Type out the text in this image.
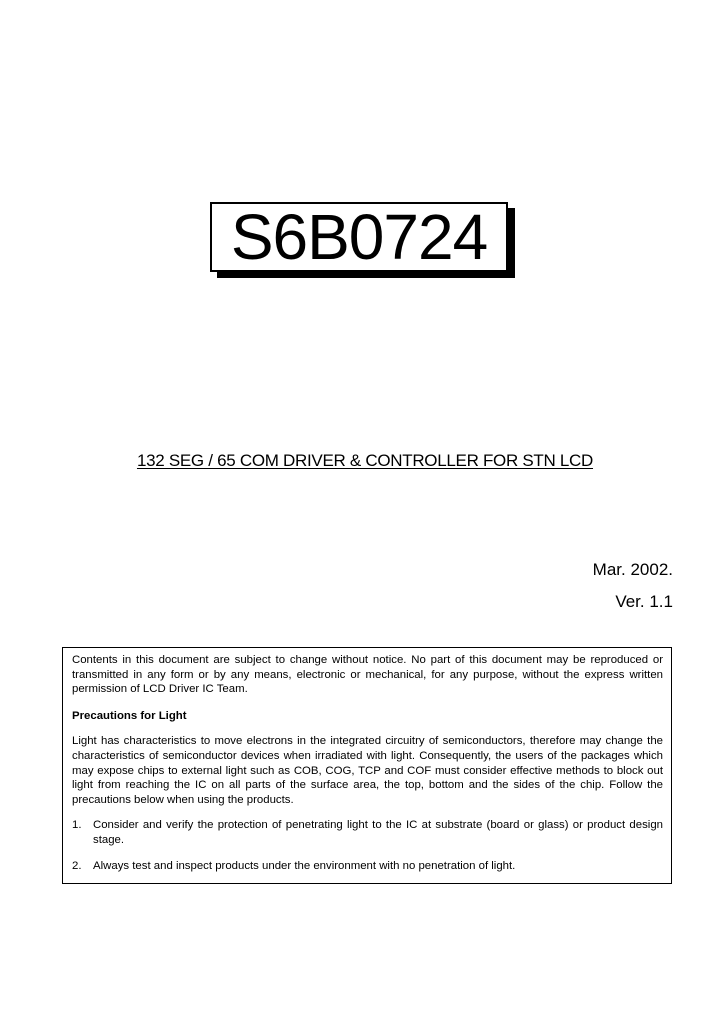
S6B0724
132 SEG / 65 COM DRIVER & CONTROLLER FOR STN LCD
Mar. 2002.
Ver. 1.1

Contents in this document are subject to change without notice. No part of this document may be reproduced or transmitted in any form or by any means, electronic or mechanical, for any purpose, without the express written permission of LCD Driver IC Team.

Precautions for Light

Light has characteristics to move electrons in the integrated circuitry of semiconductors, therefore may change the characteristics of semiconductor devices when irradiated with light. Consequently, the users of the packages which may expose chips to external light such as COB, COG, TCP and COF must consider effective methods to block out light from reaching the IC on all parts of the surface area, the top, bottom and the sides of the chip. Follow the precautions below when using the products.

1.	Consider and verify the protection of penetrating light to the IC at substrate (board or glass) or product design stage.
2.	Always test and inspect products under the environment with no penetration of light.
